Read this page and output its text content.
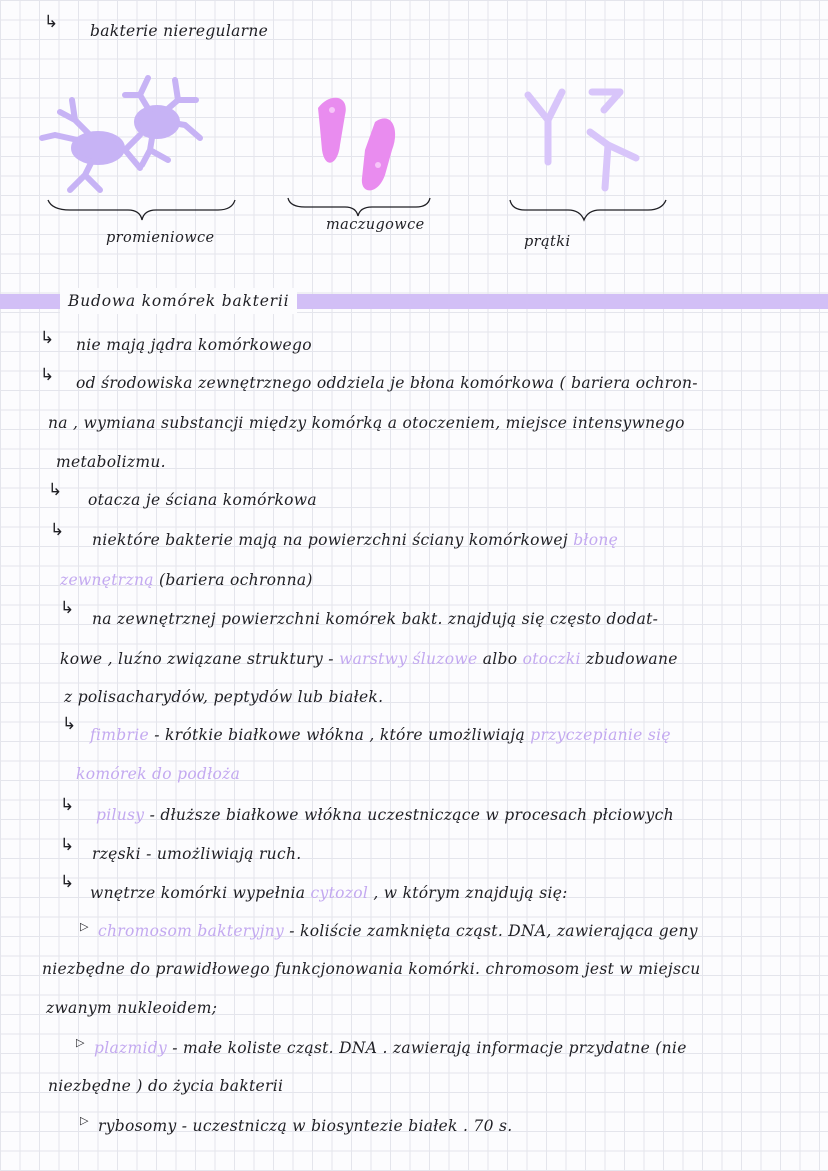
↳ bakterie nieregularne
promieniowce
maczugowce
prątki
Budowa komórek bakterii
↳ nie mają jądra komórkowego
↳ od środowiska zewnętrznego oddziela je błona komórkowa ( bariera ochron-
na , wymiana substancji między komórką a otoczeniem, miejsce intensywnego
metabolizmu.
↳ otacza je ściana komórkowa
↳ niektóre bakterie mają na powierzchni ściany komórkowej błonę
zewnętrzną (bariera ochronna)
↳
na zewnętrznej powierzchni komórek bakt. znajdują się często dodat-
kowe , luźno związane struktury - warstwy śluzowe albo otoczki zbudowane
z polisacharydów, peptydów lub białek.
↳
fimbrie - krótkie białkowe włókna , które umożliwiają przyczepianie się
komórek do podłoża
↳ pilusy - dłuższe białkowe włókna uczestniczące w procesach płciowych
↳ rzęski - umożliwiają ruch.
↳
wnętrze komórki wypełnia cytozol , w którym znajdują się:
▷ chromosom bakteryjny - koliście zamknięta cząst. DNA, zawierająca geny
niezbędne do prawidłowego funkcjonowania komórki. chromosom jest w miejscu
zwanym nukleoidem;
▷ plazmidy - małe koliste cząst. DNA . zawierają informacje przydatne (nie
niezbędne ) do życia bakterii
▷ rybosomy - uczestniczą w biosyntezie białek . 70 s.
